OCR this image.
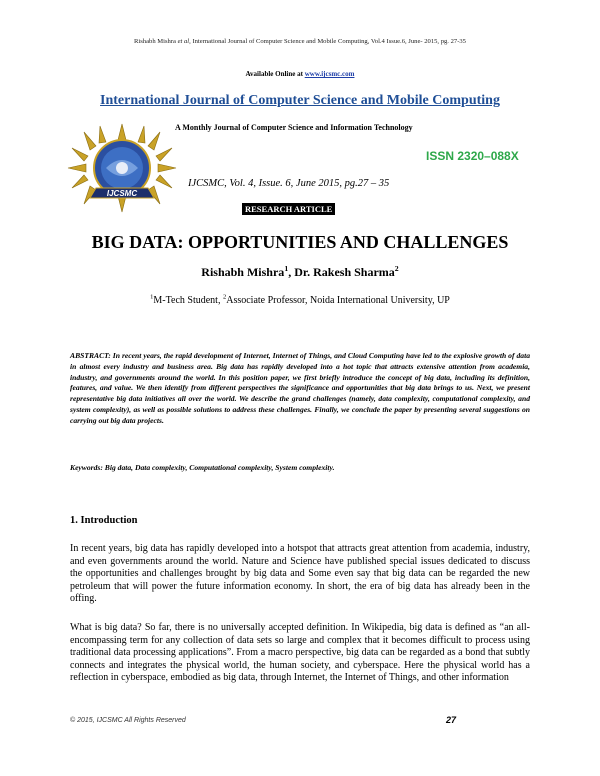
Rishabh Mishra et al, International Journal of Computer Science and Mobile Computing, Vol.4 Issue.6, June- 2015, pg. 27-35
Available Online at www.ijcsmc.com
International Journal of Computer Science and Mobile Computing
IJCSMC
A Monthly Journal of Computer Science and Information Technology
ISSN 2320–088X
IJCSMC, Vol. 4, Issue. 6, June 2015, pg.27 – 35
RESEARCH ARTICLE
BIG DATA: OPPORTUNITIES AND CHALLENGES
Rishabh Mishra$^1$, Dr. Rakesh Sharma$^2$
$^1$M-Tech Student, $^2$Associate Professor, Noida International University, UP
ABSTRACT: In recent years, the rapid development of Internet, Internet of Things, and Cloud Computing have led to the explosive growth of data in almost every industry and business area. Big data has rapidly developed into a hot topic that attracts extensive attention from academia, industry, and governments around the world. In this position paper, we first briefly introduce the concept of big data, including its definition, features, and value. We then identify from different perspectives the significance and opportunities that big data brings to us. Next, we present representative big data initiatives all over the world. We describe the grand challenges (namely, data complexity, computational complexity, and system complexity), as well as possible solutions to address these challenges. Finally, we conclude the paper by presenting several suggestions on carrying out big data projects.
Keywords: Big data, Data complexity, Computational complexity, System complexity.
1. Introduction
In recent years, big data has rapidly developed into a hotspot that attracts great attention from academia, industry, and even governments around the world. Nature and Science have published special issues dedicated to discuss the opportunities and challenges brought by big data and Some even say that big data can be regarded the new petroleum that will power the future information economy. In short, the era of big data has already been in the offing.
What is big data? So far, there is no universally accepted definition. In Wikipedia, big data is defined as “an all-encompassing term for any collection of data sets so large and complex that it becomes difficult to process using traditional data processing applications”. From a macro perspective, big data can be regarded as a bond that subtly connects and integrates the physical world, the human society, and cyberspace. Here the physical world has a reflection in cyberspace, embodied as big data, through Internet, the Internet of Things, and other information
© 2015, IJCSMC All Rights Reserved	27
